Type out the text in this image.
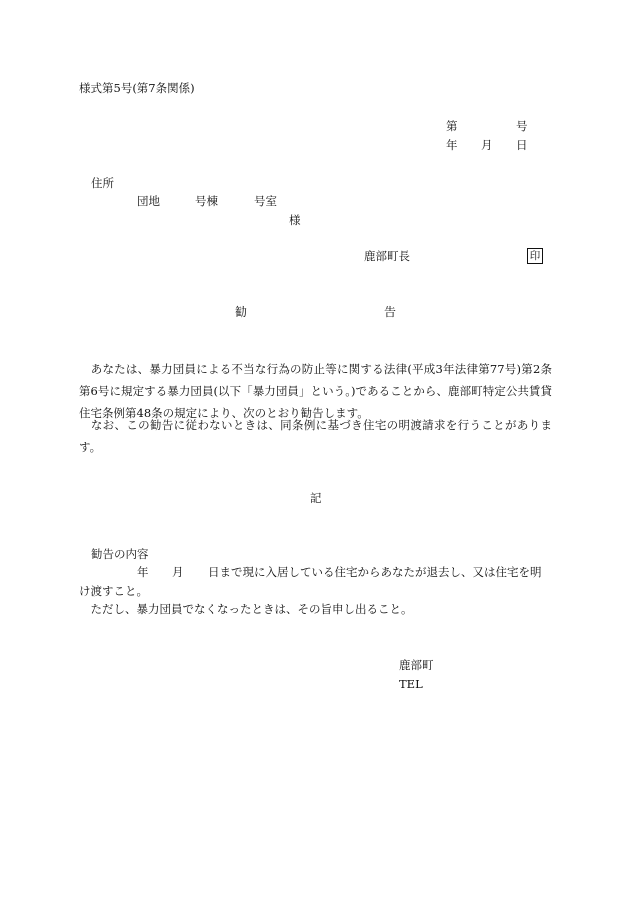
様式第5号(第7条関係)
第	号
年 月 日
住所
団地	号棟	号室
様
鹿部町長	印
勧	告
　あなたは、暴力団員による不当な行為の防止等に関する法律(平成3年法律第77号)第2条第6号に規定する暴力団員(以下「暴力団員」という。)であることから、鹿部町特定公共賃貸住宅条例第48条の規定により、次のとおり勧告します。
　なお、この勧告に従わないときは、同条例に基づき住宅の明渡請求を行うことがあります。
記
勧告の内容
年 月 日まで現に入居している住宅からあなたが退去し、又は住宅を明
け渡すこと。
　ただし、暴力団員でなくなったときは、その旨申し出ること。
鹿部町
TEL
